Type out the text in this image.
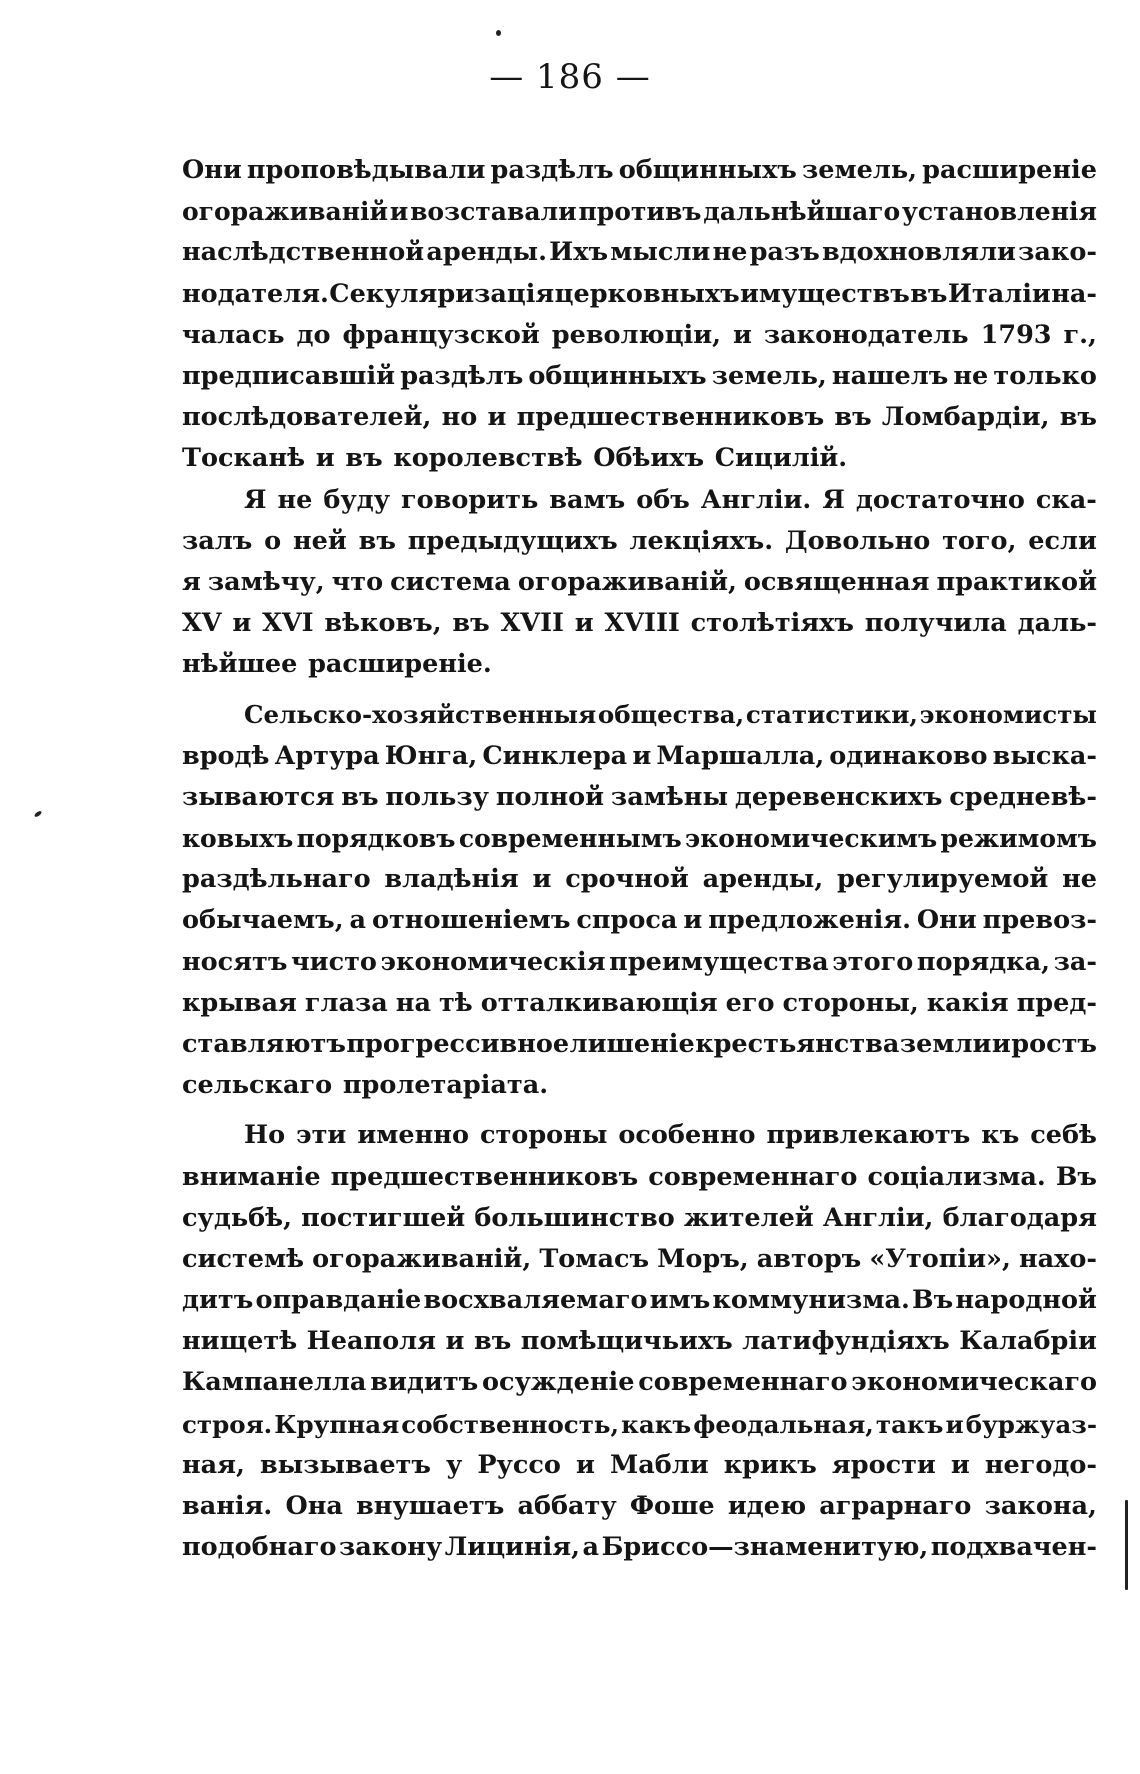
— 186 —
Они проповѣдывали раздѣлъ общинныхъ земель, расширеніе
огораживаній и возставали противъ дальнѣйшаго установленія
наслѣдственной аренды. Ихъ мысли не разъ вдохновляли зако-
нодателя. Секуляризація церковныхъ имуществъ въ Италіи на-
чалась до французской революціи, и законодатель 1793 г.,
предписавшій раздѣлъ общинныхъ земель, нашелъ не только
послѣдователей, но и предшественниковъ въ Ломбардіи, въ
Тосканѣ и въ королевствѣ Обѣихъ Сицилій.
Я не буду говорить вамъ объ Англіи. Я достаточно ска-
залъ о ней въ предыдущихъ лекціяхъ. Довольно того, если
я замѣчу, что система огораживаній, освященная практикой
XV и XVI вѣковъ, въ XVII и XVIII столѣтіяхъ получила даль-
нѣйшее расширеніе.
Сельско-хозяйственныя общества, статистики, экономисты
вродѣ Артура Юнга, Синклера и Маршалла, одинаково выска-
зываются въ пользу полной замѣны деревенскихъ средневѣ-
ковыхъ порядковъ современнымъ экономическимъ режимомъ
раздѣльнаго владѣнія и срочной аренды, регулируемой не
обычаемъ, а отношеніемъ спроса и предложенія. Они превоз-
носятъ чисто экономическія преимущества этого порядка, за-
крывая глаза на тѣ отталкивающія его стороны, какія пред-
ставляютъ прогрессивное лишеніе крестьянства земли и ростъ
сельскаго пролетаріата.
Но эти именно стороны особенно привлекаютъ къ себѣ
вниманіе предшественниковъ современнаго соціализма. Въ
судьбѣ, постигшей большинство жителей Англіи, благодаря
системѣ огораживаній, Томасъ Моръ, авторъ «Утопіи», нахо-
дитъ оправданіе восхваляемаго имъ коммунизма. Въ народной
нищетѣ Неаполя и въ помѣщичьихъ латифундіяхъ Калабріи
Кампанелла видитъ осужденіе современнаго экономическаго
строя. Крупная собственность, какъ феодальная, такъ и буржуаз-
ная, вызываетъ у Руссо и Мабли крикъ ярости и негодо-
ванія. Она внушаетъ аббату Фоше идею аграрнаго закона,
подобнаго закону Лицинія, а Бриссо—знаменитую, подхвачен-
